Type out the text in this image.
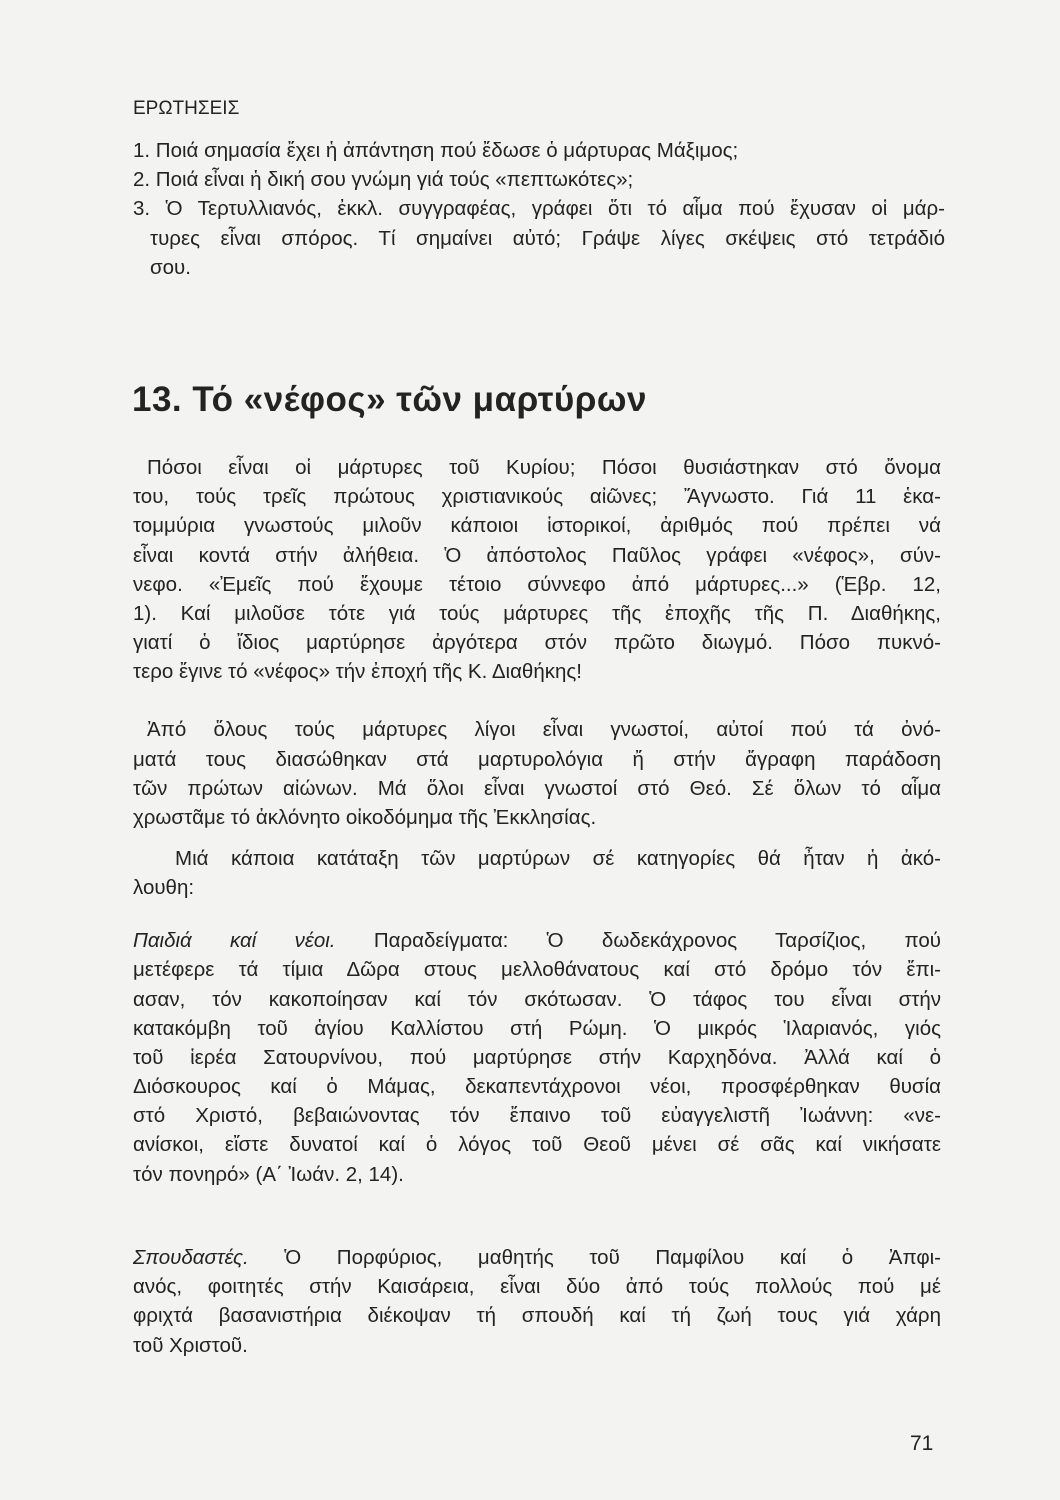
ΕΡΩΤΗΣΕΙΣ
1. Ποιά σημασία ἔχει ἡ ἀπάντηση πού ἔδωσε ὁ μάρτυρας Μάξιμος;
2. Ποιά εἶναι ἡ δική σου γνώμη γιά τούς «πεπτωκότες»;
3. Ὁ Τερτυλλιανός, ἐκκλ. συγγραφέας, γράφει ὅτι τό αἷμα πού ἔχυσαν οἱ μάρ-
τυρες εἶναι σπόρος. Τί σημαίνει αὐτό; Γράψε λίγες σκέψεις στό τετράδιό
σου.
13. Τό «νέφος» τῶν μαρτύρων
Πόσοι εἶναι οἱ μάρτυρες τοῦ Κυρίου; Πόσοι θυσιάστηκαν στό ὄνομα
του, τούς τρεῖς πρώτους χριστιανικούς αἰῶνες; Ἄγνωστο. Γιά 11 ἑκα-
τομμύρια γνωστούς μιλοῦν κάποιοι ἱστορικοί, ἀριθμός πού πρέπει νά
εἶναι κοντά στήν ἀλήθεια. Ὁ ἀπόστολος Παῦλος γράφει «νέφος», σύν-
νεφο. «Ἐμεῖς πού ἔχουμε τέτοιο σύννεφο ἀπό μάρτυρες...» (Ἑβρ. 12,
1). Καί μιλοῦσε τότε γιά τούς μάρτυρες τῆς ἐποχῆς τῆς Π. Διαθήκης,
γιατί ὁ ἴδιος μαρτύρησε ἀργότερα στόν πρῶτο διωγμό. Πόσο πυκνό-
τερο ἔγινε τό «νέφος» τήν ἐποχή τῆς Κ. Διαθήκης!
Ἀπό ὅλους τούς μάρτυρες λίγοι εἶναι γνωστοί, αὐτοί πού τά ὀνό-
ματά τους διασώθηκαν στά μαρτυρολόγια ἤ στήν ἄγραφη παράδοση
τῶν πρώτων αἰώνων. Μά ὅλοι εἶναι γνωστοί στό Θεό. Σέ ὅλων τό αἷμα
χρωστᾶμε τό ἀκλόνητο οἰκοδόμημα τῆς Ἐκκλησίας.
Μιά κάποια κατάταξη τῶν μαρτύρων σέ κατηγορίες θά ἦταν ἡ ἀκό-
λουθη:
Παιδιά καί νέοι. Παραδείγματα: Ὁ δωδεκάχρονος Ταρσίζιος, πού
μετέφερε τά τίμια Δῶρα στους μελλοθάνατους καί στό δρόμο τόν ἔπι-
ασαν, τόν κακοποίησαν καί τόν σκότωσαν. Ὁ τάφος του εἶναι στήν
κατακόμβη τοῦ ἁγίου Καλλίστου στή Ρώμη. Ὁ μικρός Ἱλαριανός, γιός
τοῦ ἱερέα Σατουρνίνου, πού μαρτύρησε στήν Καρχηδόνα. Ἀλλά καί ὁ
Διόσκουρος καί ὁ Μάμας, δεκαπεντάχρονοι νέοι, προσφέρθηκαν θυσία
στό Χριστό, βεβαιώνοντας τόν ἔπαινο τοῦ εὐαγγελιστῆ Ἰωάννη: «νε-
ανίσκοι, εἴστε δυνατοί καί ὁ λόγος τοῦ Θεοῦ μένει σέ σᾶς καί νικήσατε
τόν πονηρό» (Α΄ Ἰωάν. 2, 14).
Σπουδαστές. Ὁ Πορφύριος, μαθητής τοῦ Παμφίλου καί ὁ Ἀπφι-
ανός, φοιτητές στήν Καισάρεια, εἶναι δύο ἀπό τούς πολλούς πού μέ
φριχτά βασανιστήρια διέκοψαν τή σπουδή καί τή ζωή τους γιά χάρη
τοῦ Χριστοῦ.
71
